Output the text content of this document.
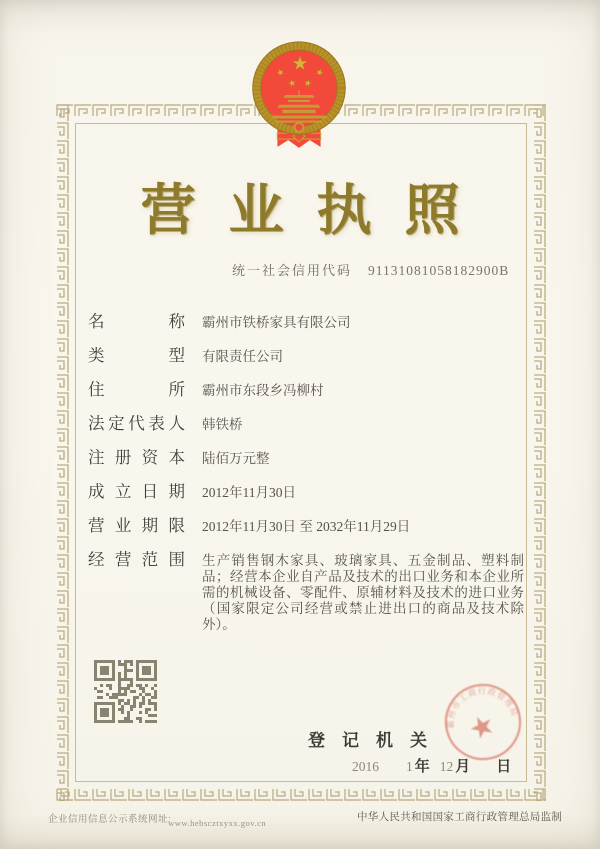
营业执照
统一社会信用代码 91131081058182900B
名称 霸州市铁桥家具有限公司
类型 有限责任公司
住所 霸州市东段乡冯柳村
法定代表人 韩铁桥
注册资本 陆佰万元整
成立日期 2012年11月30日
营业期限 2012年11月30日 至 2032年11月29日
经营范围 生产销售钢木家具、玻璃家具、五金制品、塑料制品；经营本企业自产品及技术的出口业务和本企业所需的机械设备、零配件、原辅材料及技术的进口业务（国家限定公司经营或禁止进出口的商品及技术除外）。
登记机关
2016 1 年 12 月 日
霸州市工商行政管理局
企业信用信息公示系统网址:www.hebscztxyxx.gov.cn	中华人民共和国国家工商行政管理总局监制
